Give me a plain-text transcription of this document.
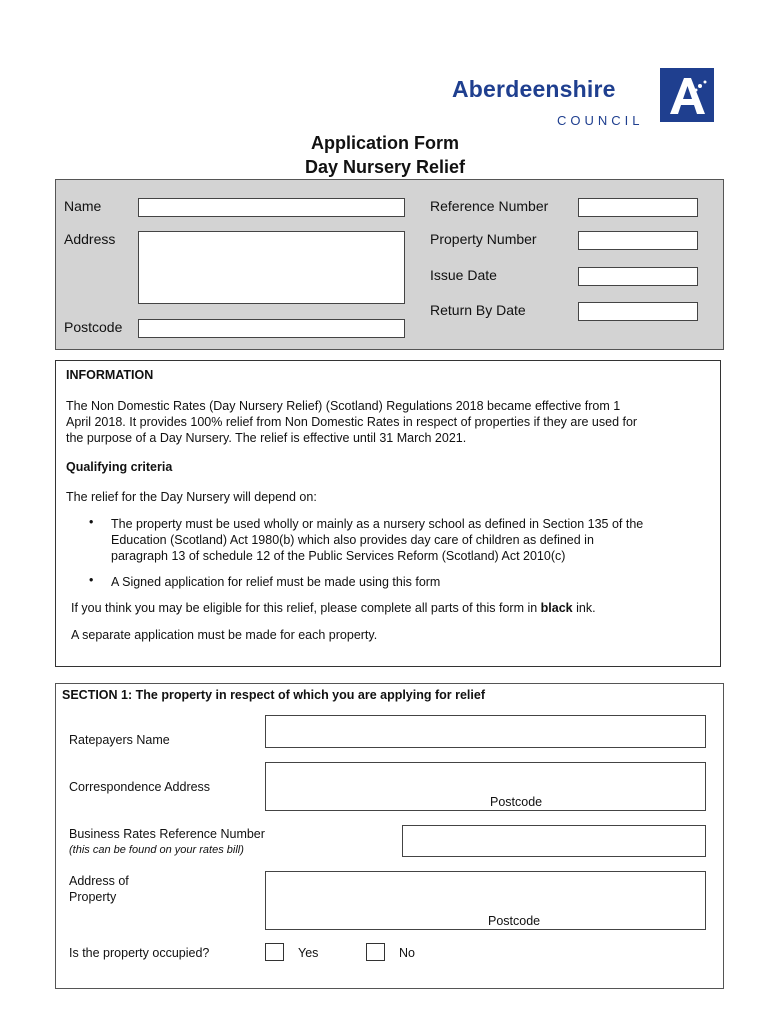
Aberdeenshire
COUNCIL
Application Form
Day Nursery Relief
Name
Address
Postcode
Reference Number
Property Number
Issue Date
Return By Date
INFORMATION
The Non Domestic Rates (Day Nursery Relief) (Scotland) Regulations 2018 became effective from 1
April 2018. It provides 100% relief from Non Domestic Rates in respect of properties if they are used for
the purpose of a Day Nursery. The relief is effective until 31 March 2021.
Qualifying criteria
The relief for the Day Nursery will depend on:
• The property must be used wholly or mainly as a nursery school as defined in Section 135 of the
Education (Scotland) Act 1980(b) which also provides day care of children as defined in
paragraph 13 of schedule 12 of the Public Services Reform (Scotland) Act 2010(c)
• A Signed application for relief must be made using this form
If you think you may be eligible for this relief, please complete all parts of this form in black ink.
A separate application must be made for each property.
SECTION 1: The property in respect of which you are applying for relief
Ratepayers Name
Correspondence Address
Postcode
Business Rates Reference Number
(this can be found on your rates bill)
Address of
Property
Postcode
Is the property occupied?	Yes	No
